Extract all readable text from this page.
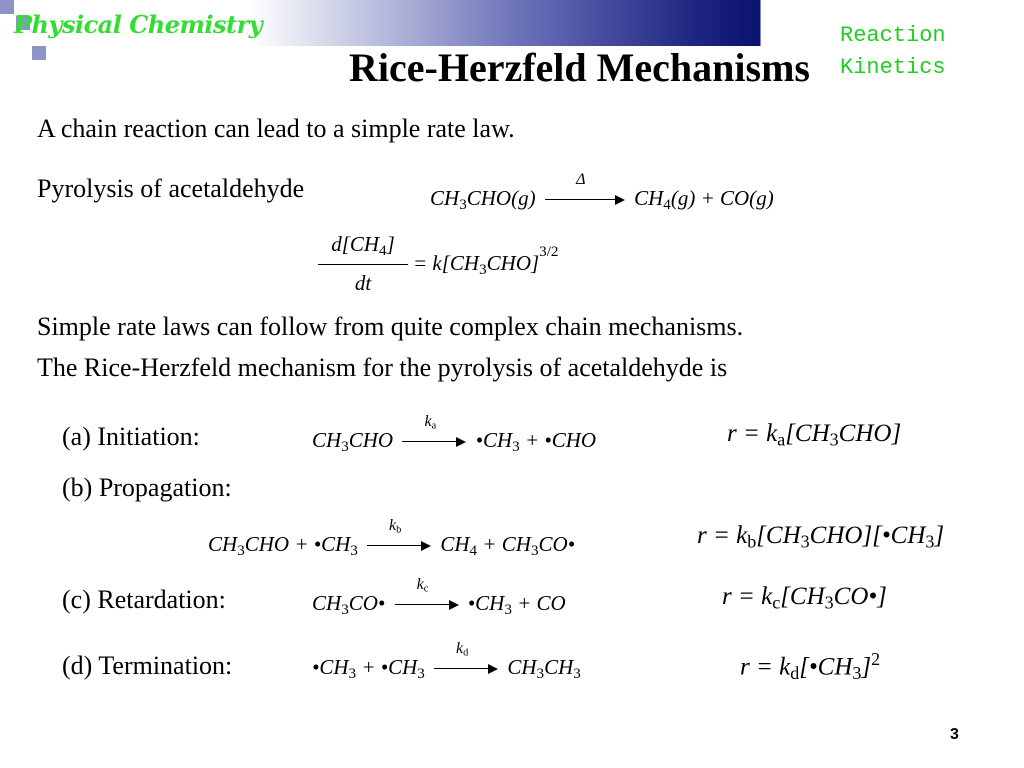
Physical Chemistry	Reaction
Kinetics
Rice-Herzfeld Mechanisms
A chain reaction can lead to a simple rate law.
Pyrolysis of acetaldehyde	$CH_3CHO(g)$
Δ
$CH_4(g) + CO(g)$
$\frac{d[CH_4]}{dt} = k[CH_3CHO]^{3/2}$
Simple rate laws can follow from quite complex chain mechanisms.
The Rice-Herzfeld mechanism for the pyrolysis of acetaldehyde is
(a) Initiation:	$CH_3CHO$
$k_a$
$•CH_3$ + •CHO	$r = k_a[CH_3CHO]$
(b) Propagation:
$CH_3CHO$ + $•CH_3$
$k_b$
$CH_4$ + $CH_3CO•$	$r = k_b[CH_3CHO][•CH_3]$
(c) Retardation:	$CH_3CO•$
$k_c$
$•CH_3$ + CO	$r = k_c[CH_3CO•]$
(d) Termination:	$•CH_3$ + $•CH_3$
$k_d$
$CH_3CH_3$	$r = k_d[•CH_3]^2$
3
